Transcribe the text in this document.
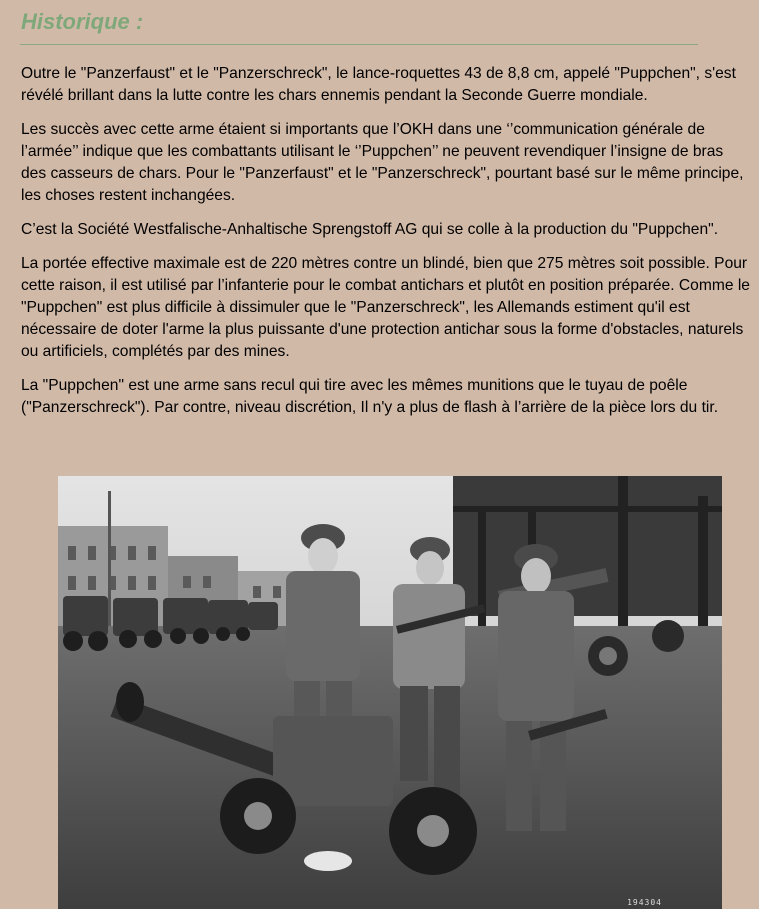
Historique :

Outre le "Panzerfaust" et le "Panzerschreck", le lance-roquettes 43 de 8,8 cm, appelé "Puppchen", s'est révélé brillant dans la lutte contre les chars ennemis pendant la Seconde Guerre mondiale.

Les succès avec cette arme étaient si importants que l’OKH dans une ‘’communication générale de l’armée’’ indique que les combattants utilisant le ‘’Puppchen’’ ne peuvent revendiquer l’insigne de bras des casseurs de chars. Pour le "Panzerfaust" et le "Panzerschreck", pourtant basé sur le même principe, les choses restent inchangées.

C’est la Société Westfalische-Anhaltische Sprengstoff AG qui se colle à la production du "Puppchen".

La portée effective maximale est de 220 mètres contre un blindé, bien que 275 mètres soit possible. Pour cette raison, il est utilisé par l’infanterie pour le combat antichars et plutôt en position préparée. Comme le "Puppchen" est plus difficile à dissimuler que le "Panzerschreck", les Allemands estiment qu'il est nécessaire de doter l'arme la plus puissante d'une protection antichar sous la forme d'obstacles, naturels ou artificiels, complétés par des mines.

La "Puppchen" est une arme sans recul qui tire avec les mêmes munitions que le tuyau de poêle ("Panzerschreck"). Par contre, niveau discrétion, Il n'y a plus de flash à l’arrière de la pièce lors du tir.

194304
